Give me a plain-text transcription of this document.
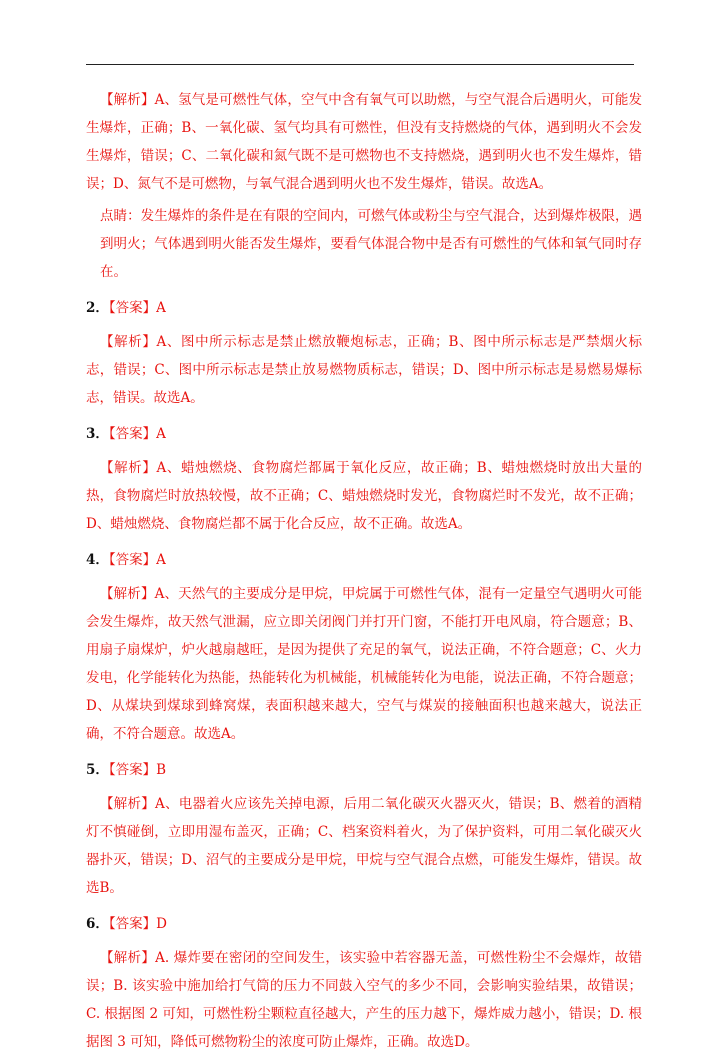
【解析】A、氢气是可燃性气体，空气中含有氧气可以助燃，与空气混合后遇明火，可能发生爆炸，正确；B、一氧化碳、氢气均具有可燃性，但没有支持燃烧的气体，遇到明火不会发生爆炸，错误；C、二氧化碳和氮气既不是可燃物也不支持燃烧，遇到明火也不发生爆炸，错误；D、氮气不是可燃物，与氧气混合遇到明火也不发生爆炸，错误。故选A。

点睛：发生爆炸的条件是在有限的空间内，可燃气体或粉尘与空气混合，达到爆炸极限，遇到明火；气体遇到明火能否发生爆炸，要看气体混合物中是否有可燃性的气体和氧气同时存在。

2．【答案】A

【解析】A、图中所示标志是禁止燃放鞭炮标志，正确；B、图中所示标志是严禁烟火标志，错误；C、图中所示标志是禁止放易燃物质标志，错误；D、图中所示标志是易燃易爆标志，错误。故选A。

3．【答案】A

【解析】A、蜡烛燃烧、食物腐烂都属于氧化反应，故正确；B、蜡烛燃烧时放出大量的热，食物腐烂时放热较慢，故不正确；C、蜡烛燃烧时发光，食物腐烂时不发光，故不正确；D、蜡烛燃烧、食物腐烂都不属于化合反应，故不正确。故选A。

4．【答案】A

【解析】A、天然气的主要成分是甲烷，甲烷属于可燃性气体，混有一定量空气遇明火可能会发生爆炸，故天然气泄漏，应立即关闭阀门并打开门窗，不能打开电风扇，符合题意；B、用扇子扇煤炉，炉火越扇越旺，是因为提供了充足的氧气，说法正确，不符合题意；C、火力发电，化学能转化为热能，热能转化为机械能，机械能转化为电能，说法正确，不符合题意；D、从煤块到煤球到蜂窝煤，表面积越来越大，空气与煤炭的接触面积也越来越大，说法正确，不符合题意。故选A。

5．【答案】B

【解析】A、电器着火应该先关掉电源，后用二氧化碳灭火器灭火，错误；B、燃着的酒精灯不慎碰倒，立即用湿布盖灭，正确；C、档案资料着火，为了保护资料，可用二氧化碳灭火器扑灭，错误；D、沼气的主要成分是甲烷，甲烷与空气混合点燃，可能发生爆炸，错误。故选B。

6．【答案】D

【解析】A. 爆炸要在密闭的空间发生，该实验中若容器无盖，可燃性粉尘不会爆炸，故错误；B. 该实验中施加给打气筒的压力不同鼓入空气的多少不同，会影响实验结果，故错误；C. 根据图 2 可知，可燃性粉尘颗粒直径越大，产生的压力越下，爆炸威力越小，错误；D. 根据图 3 可知，降低可燃物粉尘的浓度可防止爆炸，正确。故选D。
